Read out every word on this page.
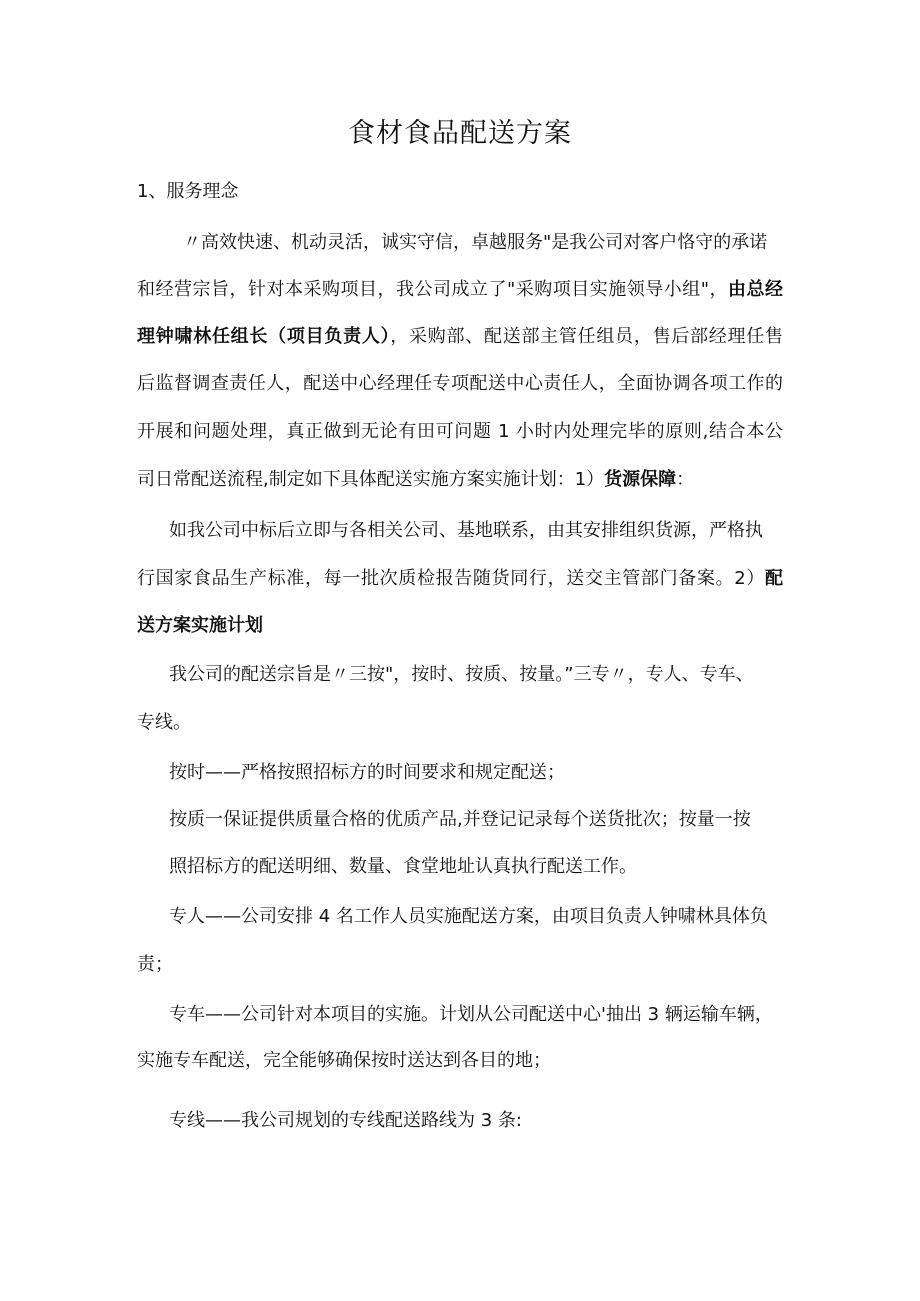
食材食品配送方案
1、服务理念
〃高效快速、机动灵活，诚实守信，卓越服务"是我公司对客户恪守的承诺
和经营宗旨，针对本采购项目，我公司成立了"采购项目实施领导小组"，由总经
理钟啸林任组长（项目负责人），采购部、配送部主管任组员，售后部经理任售
后监督调查责任人，配送中心经理任专项配送中心责任人，全面协调各项工作的
开展和问题处理，真正做到无论有田可问题 1 小时内处理完毕的原则,结合本公
司日常配送流程,制定如下具体配送实施方案实施计划：1）货源保障：
如我公司中标后立即与各相关公司、基地联系，由其安排组织货源，严格执
行国家食品生产标准，每一批次质检报告随货同行，送交主管部门备案。2）配
送方案实施计划
我公司的配送宗旨是〃三按"，按时、按质、按量。”三专〃，专人、专车、
专线。
按时——严格按照招标方的时间要求和规定配送；
按质一保证提供质量合格的优质产品,并登记记录每个送货批次；按量一按
照招标方的配送明细、数量、食堂地址认真执行配送工作。
专人——公司安排 4 名工作人员实施配送方案，由项目负责人钟啸林具体负
责；
专车——公司针对本项目的实施。计划从公司配送中心'抽出 3 辆运输车辆，
实施专车配送，完全能够确保按时送达到各目的地；
专线——我公司规划的专线配送路线为 3 条:
